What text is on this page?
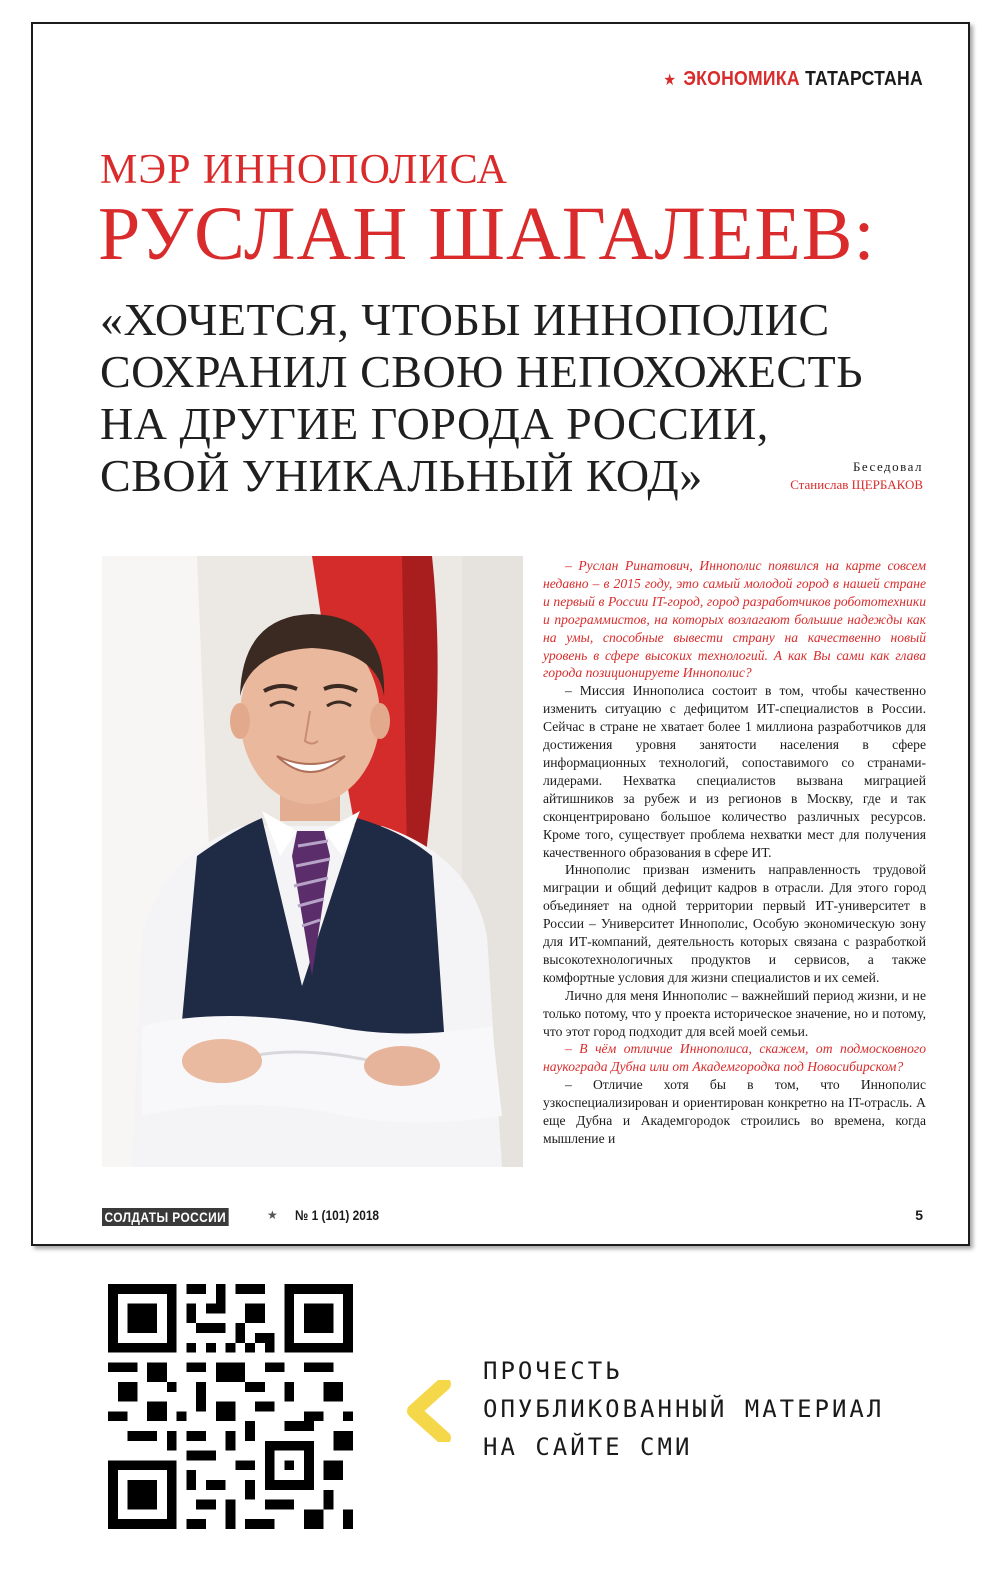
★ ЭКОНОМИКА ТАТАРСТАНА
МЭР ИННОПОЛИСА
РУСЛАН ШАГАЛЕЕВ:
«ХОЧЕТСЯ, ЧТОБЫ ИННОПОЛИС
СОХРАНИЛ СВОЮ НЕПОХОЖЕСТЬ
НА ДРУГИЕ ГОРОДА РОССИИ,
СВОЙ УНИКАЛЬНЫЙ КОД»	Беседовал
Станислав ЩЕРБАКОВ

– Руслан Ринатович, Иннополис появился на карте совсем недавно – в 2015 году, это самый молодой город в нашей стране и первый в России IT-город, город разработчиков робототехники и программистов, на которых возлагают большие надежды как на умы, способные вывести страну на качественно новый уровень в сфере высоких технологий. А как Вы сами как глава города позиционируете Иннополис?

– Миссия Иннополиса состоит в том, чтобы качественно изменить ситуацию с дефицитом ИТ-специалистов в России. Сейчас в стране не хватает более 1 миллиона разработчиков для достижения уровня занятости населения в сфере информационных технологий, сопоставимого со странами-лидерами. Нехватка специалистов вызвана миграцией айтишников за рубеж и из регионов в Москву, где и так сконцентрировано большое количество различных ресурсов. Кроме того, существует проблема нехватки мест для получения качественного образования в сфере ИТ.

Иннополис призван изменить направленность трудовой миграции и общий дефицит кадров в отрасли. Для этого город объединяет на одной территории первый ИТ-университет в России – Университет Иннополис, Особую экономическую зону для ИТ-компаний, деятельность которых связана с разработкой высокотехнологичных продуктов и сервисов, а также комфортные условия для жизни специалистов и их семей.

Лично для меня Иннополис – важнейший период жизни, и не только потому, что у проекта историческое значение, но и потому, что этот город подходит для всей моей семьи.

– В чём отличие Иннополиса, скажем, от подмосковного наукограда Дубна или от Академгородка под Новосибирском?

– Отличие хотя бы в том, что Иннополис узкоспециализирован и ориентирован конкретно на IT-отрасль. А еще Дубна и Академгородок строились во времена, когда мышление и

СОЛДАТЫ РОССИИ	★ № 1 (101) 2018	5
ПРОЧЕСТЬ
ОПУБЛИКОВАННЫЙ МАТЕРИАЛ
НА САЙТЕ СМИ
